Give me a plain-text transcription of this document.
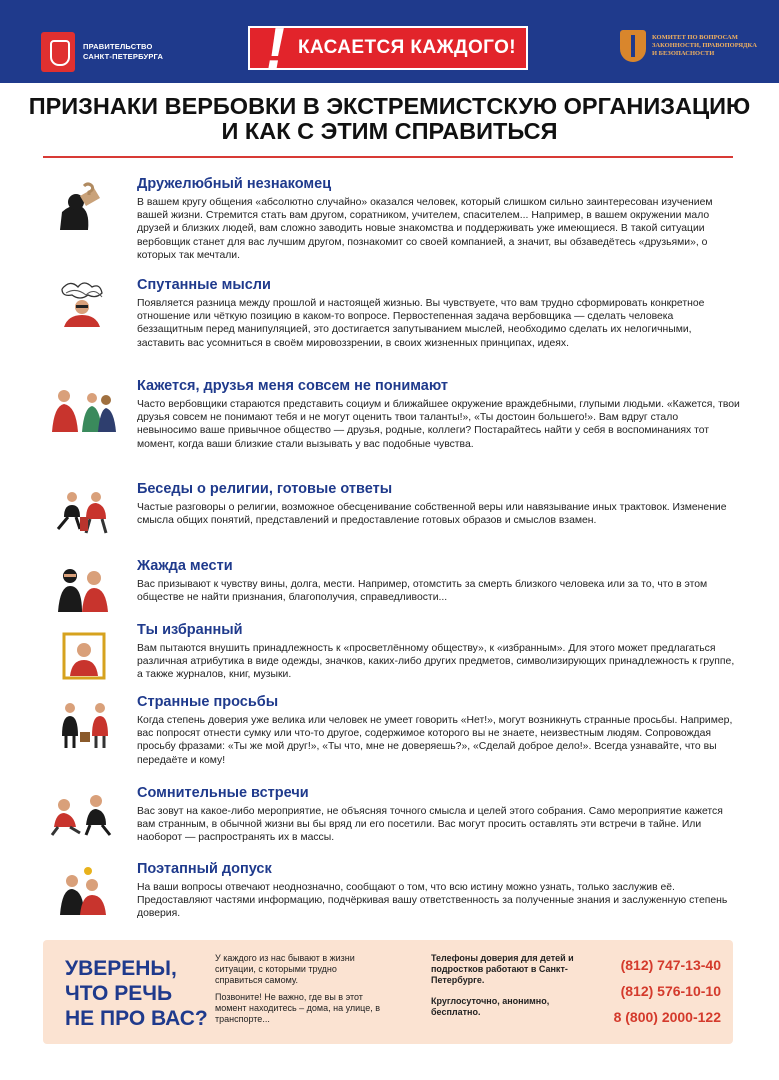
ПРАВИТЕЛЬСТВО
САНКТ-ПЕТЕРБУРГА ! КАСАЕТСЯ КАЖДОГО!	КОМИТЕТ ПО ВОПРОСАМ ЗАКОННОСТИ, ПРАВОПОРЯДКА И БЕЗОПАСНОСТИ
ПРИЗНАКИ ВЕРБОВКИ В ЭКСТРЕМИСТСКУЮ ОРГАНИЗАЦИЮ
И КАК С ЭТИМ СПРАВИТЬСЯ
Дружелюбный незнакомец

В вашем кругу общения «абсолютно случайно» оказался человек, который слишком сильно заинтересован изучением вашей жизни. Стремится стать вам другом, соратником, учителем, спасителем... Например, в вашем окружении мало друзей и близких людей, вам сложно заводить новые знакомства и поддерживать уже имеющиеся. В такой ситуации вербовщик станет для вас лучшим другом, познакомит со своей компанией, а значит, вы обзаведётесь «друзьями», о которых так мечтали.

Спутанные мысли

Появляется разница между прошлой и настоящей жизнью. Вы чувствуете, что вам трудно сформировать конкретное отношение или чёткую позицию в каком-то вопросе. Первостепенная задача вербовщика — сделать человека беззащитным перед манипуляцией, это достигается запутыванием мыслей, необходимо сделать их нелогичными, заставить вас усомниться в своём мировоззрении, в своих жизненных принципах, идеях.

Кажется, друзья меня совсем не понимают

Часто вербовщики стараются представить социум и ближайшее окружение враждебными, глупыми людьми. «Кажется, твои друзья совсем не понимают тебя и не могут оценить твои таланты!», «Ты достоин большего!». Вам вдруг стало невыносимо ваше привычное общество — друзья, родные, коллеги? Постарайтесь найти у себя в воспоминаниях тот момент, когда ваши близкие стали вызывать у вас подобные чувства.

Беседы о религии, готовые ответы

Частые разговоры о религии, возможное обесценивание собственной веры или навязывание иных трактовок. Изменение смысла общих понятий, представлений и предоставление готовых образов и смыслов взамен.

Жажда мести

Вас призывают к чувству вины, долга, мести. Например, отомстить за смерть близкого человека или за то, что в этом обществе не найти признания, благополучия, справедливости...

Ты избранный

Вам пытаются внушить принадлежность к «просветлённому обществу», к «избранным». Для этого может предлагаться различная атрибутика в виде одежды, значков, каких-либо других предметов, символизирующих принадлежность к группе, а также журналов, книг, музыки.

Странные просьбы

Когда степень доверия уже велика или человек не умеет говорить «Нет!», могут возникнуть странные просьбы. Например, вас попросят отнести сумку или что-то другое, содержимое которого вы не знаете, неизвестным людям. Сопровождая просьбу фразами: «Ты же мой друг!», «Ты что, мне не доверяешь?», «Сделай доброе дело!». Всегда узнавайте, что вы передаёте и кому!

Сомнительные встречи

Вас зовут на какое-либо мероприятие, не объясняя точного смысла и целей этого собрания. Само мероприятие кажется вам странным, в обычной жизни вы бы вряд ли его посетили. Вас могут просить оставлять эти встречи в тайне. Или наоборот — распространять их в массы.

Поэтапный допуск

На ваши вопросы отвечают неоднозначно, сообщают о том, что всю истину можно узнать, только заслужив её. Предоставляют частями информацию, подчёркивая вашу ответственность за полученные знания и заслуженную степень доверия.

УВЕРЕНЫ,
ЧТО РЕЧЬ
НЕ ПРО ВАС?
У каждого из нас бывают в жизни ситуации, с которыми трудно справиться самому.
Позвоните! Не важно, где вы в этот момент находитесь – дома, на улице, в транспорте...
Телефоны доверия для детей и подростков работают в Санкт-Петербурге.
Круглосуточно, анонимно, бесплатно.
(812) 747-13-40
(812) 576-10-10
8 (800) 2000-122
